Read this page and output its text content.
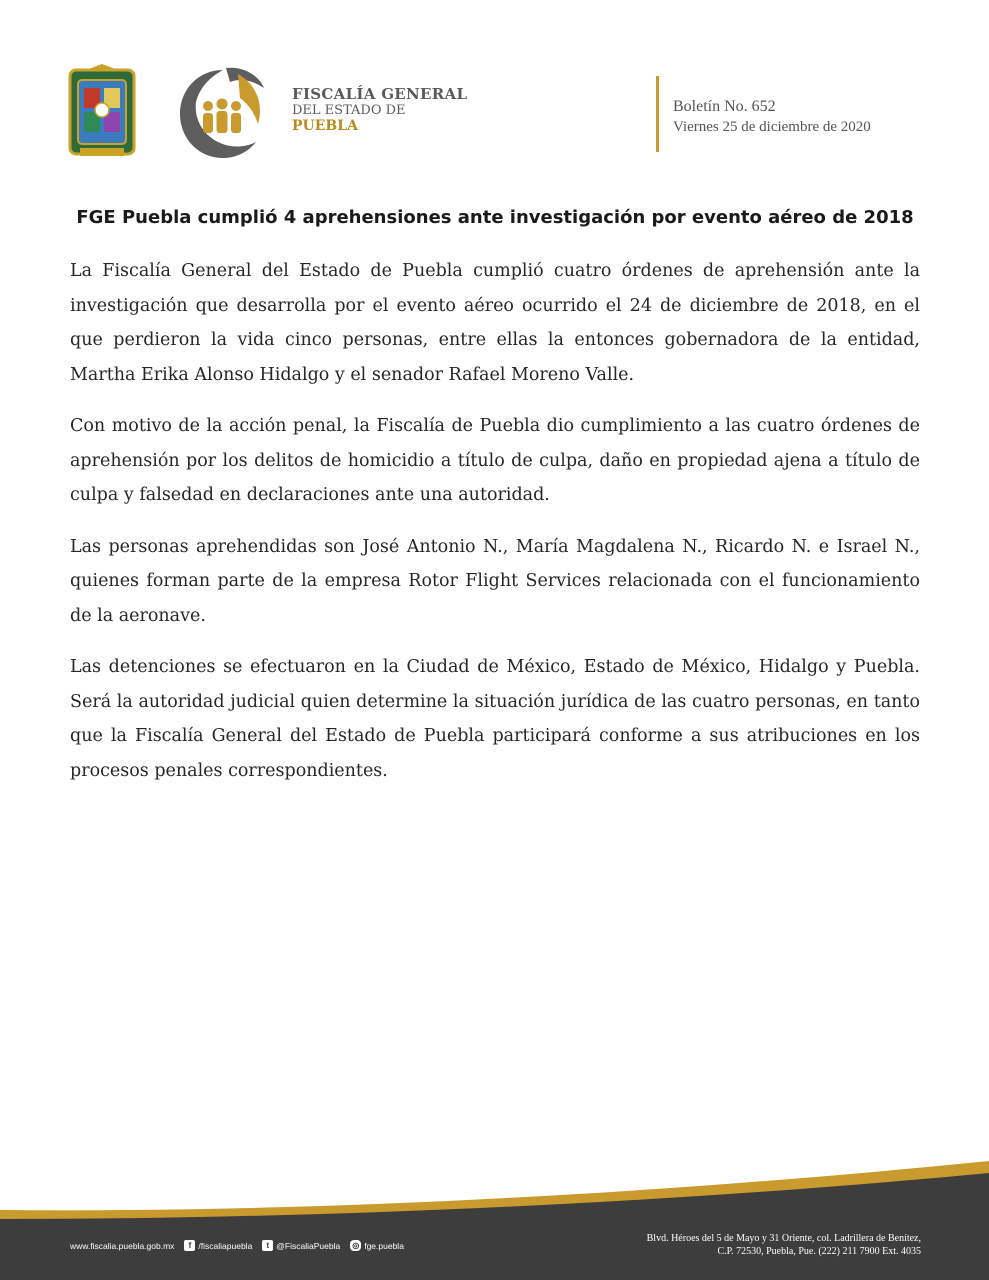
FISCALÍA GENERAL
DEL ESTADO DE
PUEBLA
Boletín No. 652
Viernes 25 de diciembre de 2020
FGE Puebla cumplió 4 aprehensiones ante investigación por evento aéreo de 2018

La Fiscalía General del Estado de Puebla cumplió cuatro órdenes de aprehensión ante la investigación que desarrolla por el evento aéreo ocurrido el 24 de diciembre de 2018, en el que perdieron la vida cinco personas, entre ellas la entonces gobernadora de la entidad, Martha Erika Alonso Hidalgo y el senador Rafael Moreno Valle.

Con motivo de la acción penal, la Fiscalía de Puebla dio cumplimiento a las cuatro órdenes de aprehensión por los delitos de homicidio a título de culpa, daño en propiedad ajena a título de culpa y falsedad en declaraciones ante una autoridad.

Las personas aprehendidas son José Antonio N., María Magdalena N., Ricardo N. e Israel N., quienes forman parte de la empresa Rotor Flight Services relacionada con el funcionamiento de la aeronave.

Las detenciones se efectuaron en la Ciudad de México, Estado de México, Hidalgo y Puebla. Será la autoridad judicial quien determine la situación jurídica de las cuatro personas, en tanto que la Fiscalía General del Estado de Puebla participará conforme a sus atribuciones en los procesos penales correspondientes.

www.fiscalia.puebla.gob.mx	f /fiscaliapuebla	t @FiscaliaPuebla ◎ fge.puebla
Blvd. Héroes del 5 de Mayo y 31 Oriente, col. Ladrillera de Benítez,
C.P. 72530, Puebla, Pue. (222) 211 7900 Ext. 4035
